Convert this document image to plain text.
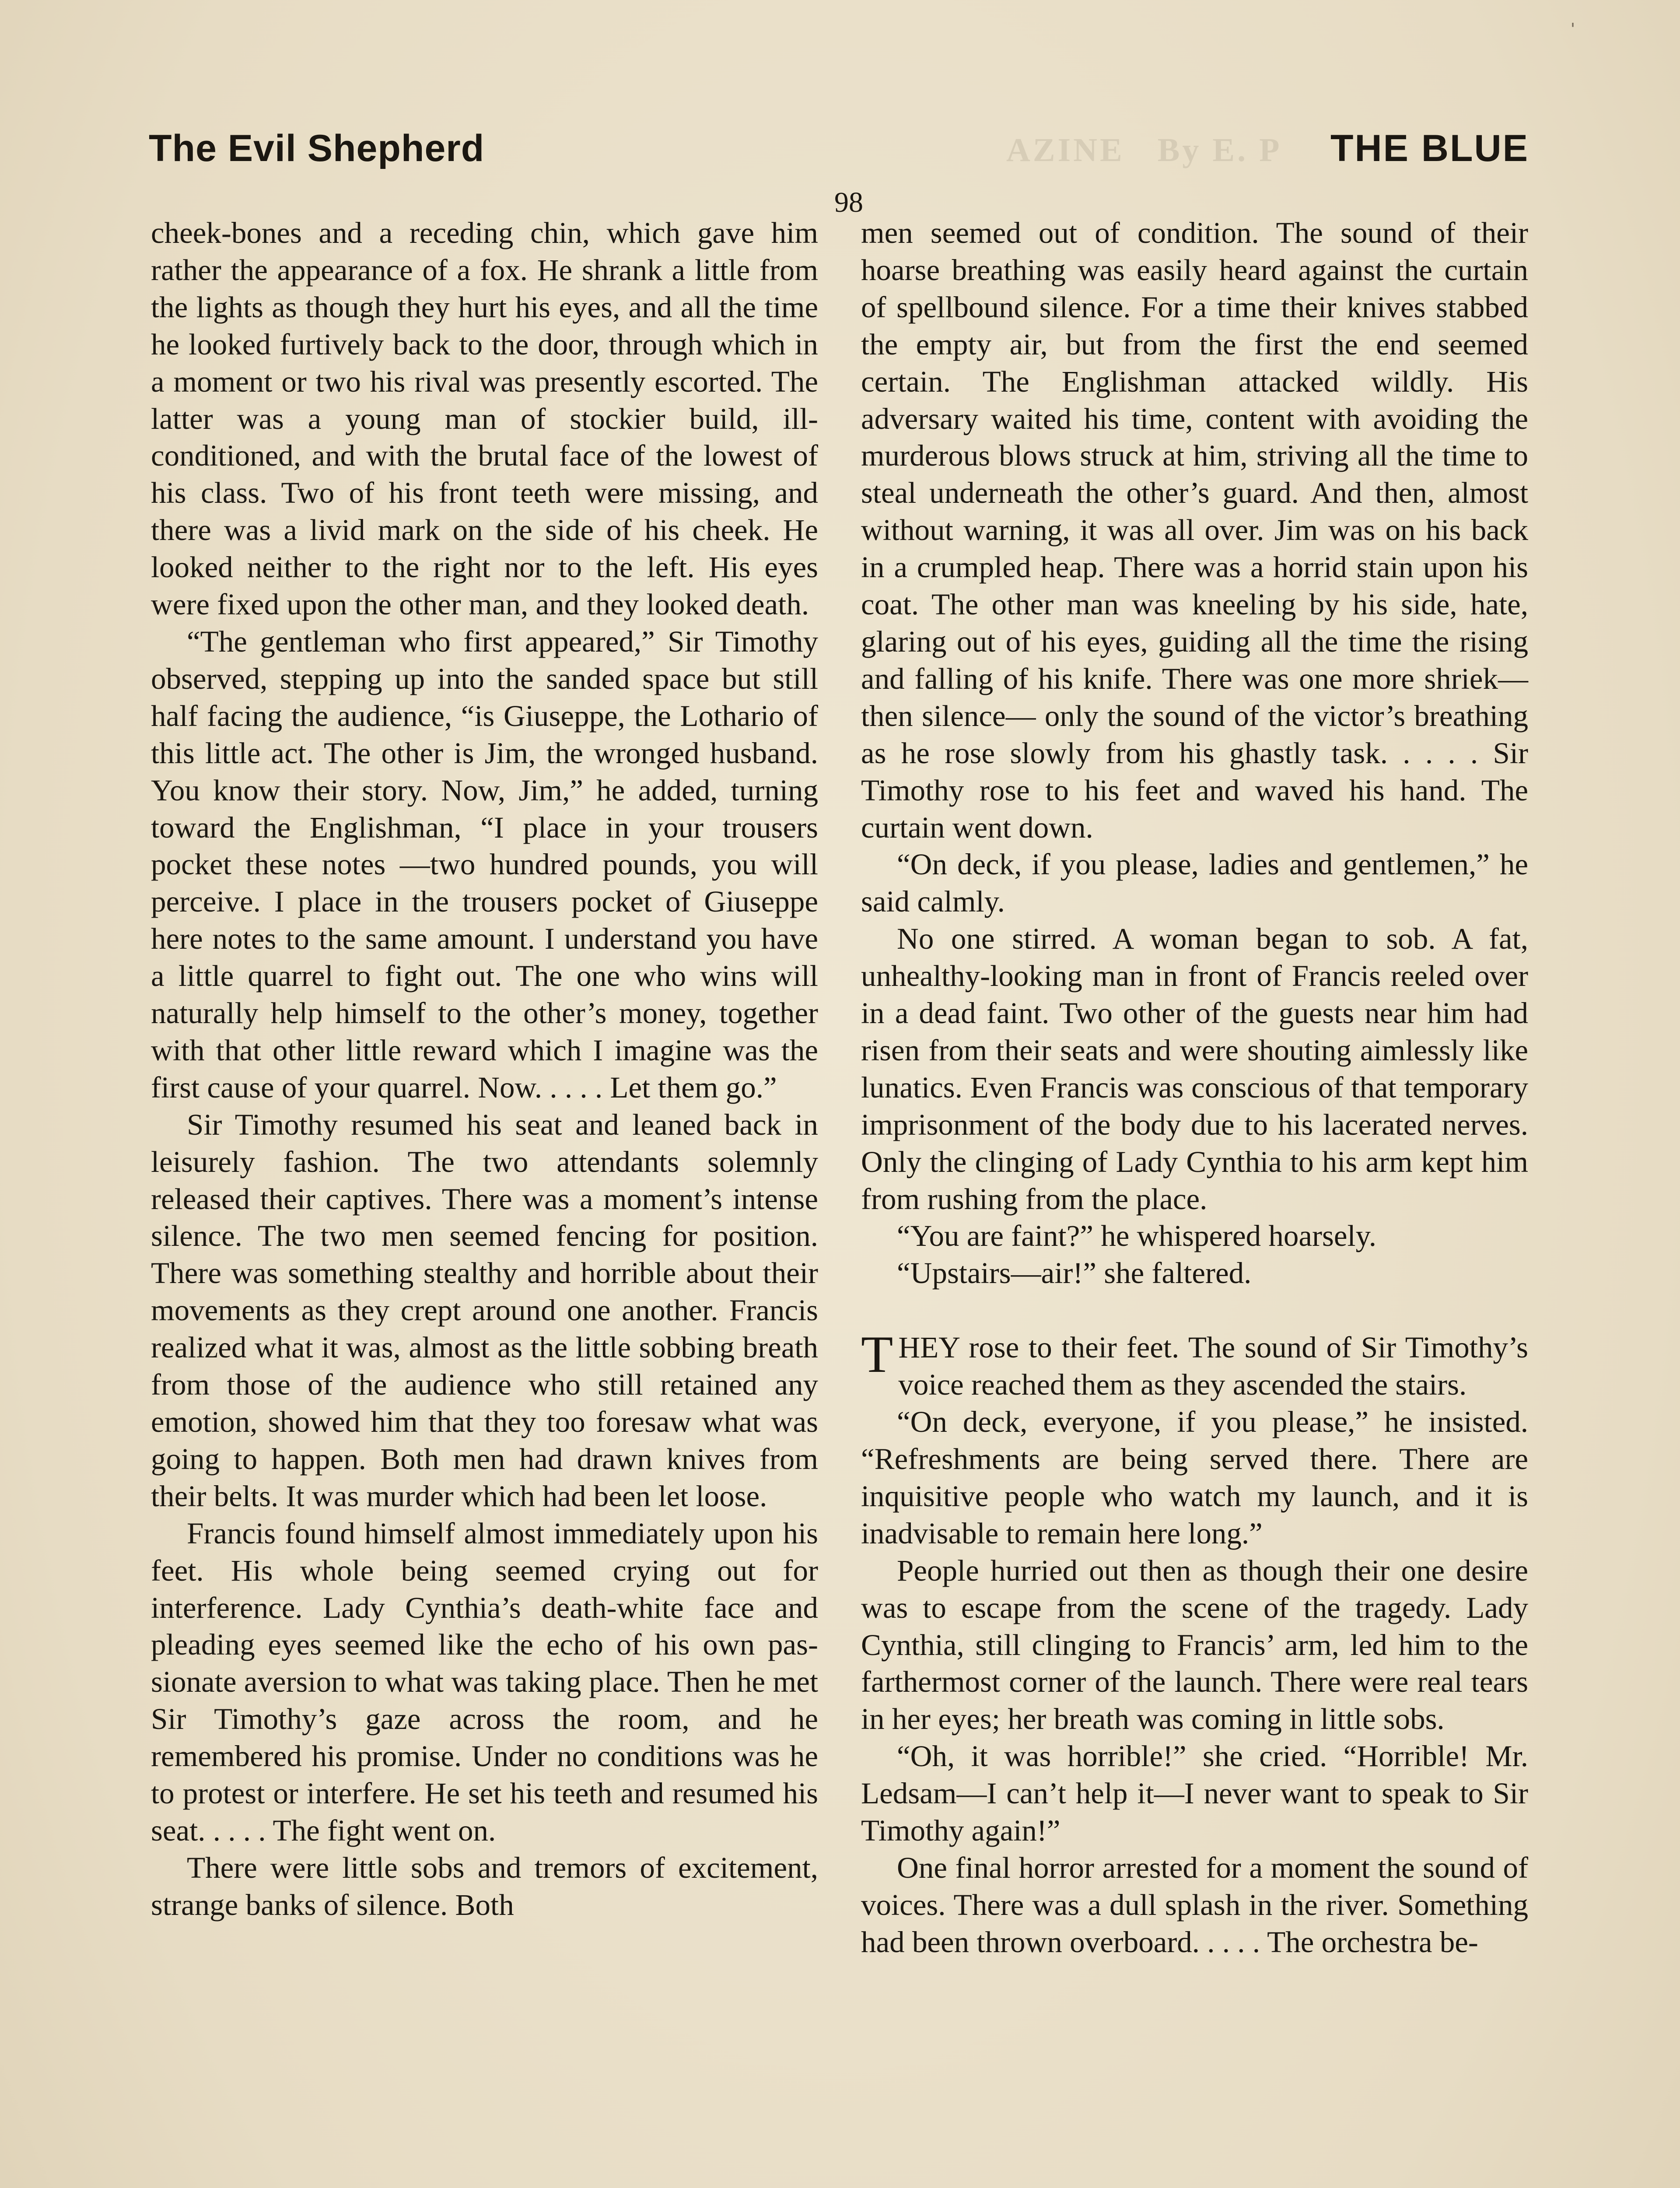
AZINE   By E. P
The Evil Shepherd	THE BLUE
98

cheek-bones and a receding chin, which gave him rather the appearance of a fox. He shrank a little from the lights as though they hurt his eyes, and all the time he looked furtively back to the door, through which in a moment or two his rival was presently escorted. The latter was a young man of stockier build, ill-conditioned, and with the brutal face of the lowest of his class. Two of his front teeth were missing, and there was a livid mark on the side of his cheek. He looked neither to the right nor to the left. His eyes were fixed upon the other man, and they looked death.

“The gentleman who first appeared,” Sir Timothy observed, stepping up into the sanded space but still half facing the audience, “is Giuseppe, the Lothario of this little act. The other is Jim, the wronged husband. You know their story. Now, Jim,” he added, turning toward the Englishman, “I place in your trousers pocket these notes —two hundred pounds, you will perceive. I place in the trousers pocket of Giuseppe here notes to the same amount. I understand you have a little quarrel to fight out. The one who wins will naturally help himself to the other’s money, together with that other little reward which I imagine was the first cause of your quarrel. Now. . . . . Let them go.”

Sir Timothy resumed his seat and leaned back in leisurely fashion. The two attendants solemnly released their captives. There was a moment’s intense silence. The two men seemed fencing for position. There was something stealthy and horrible about their movements as they crept around one another. Francis realized what it was, almost as the little sobbing breath from those of the audience who still retained any emotion, showed him that they too foresaw what was going to happen. Both men had drawn knives from their belts. It was murder which had been let loose.

Francis found himself almost immediately upon his feet. His whole being seemed crying out for interference. Lady Cynthia’s death-white face and pleading eyes seemed like the echo of his own passionate aversion to what was taking place. Then he met Sir Timothy’s gaze across the room, and he remembered his promise. Under no conditions was he to protest or interfere. He set his teeth and resumed his seat. . . . . The fight went on.

There were little sobs and tremors of excitement, strange banks of silence. Both

men seemed out of condition. The sound of their hoarse breathing was easily heard against the curtain of spellbound silence. For a time their knives stabbed the empty air, but from the first the end seemed certain. The Englishman attacked wildly. His adversary waited his time, content with avoiding the murderous blows struck at him, striving all the time to steal underneath the other’s guard. And then, almost without warning, it was all over. Jim was on his back in a crumpled heap. There was a horrid stain upon his coat. The other man was kneeling by his side, hate, glaring out of his eyes, guiding all the time the rising and falling of his knife. There was one more shriek—then silence— only the sound of the victor’s breathing as he rose slowly from his ghastly task. . . . . Sir Timothy rose to his feet and waved his hand. The curtain went down.

“On deck, if you please, ladies and gentlemen,” he said calmly.

No one stirred. A woman began to sob. A fat, unhealthy-looking man in front of Francis reeled over in a dead faint. Two other of the guests near him had risen from their seats and were shouting aimlessly like lunatics. Even Francis was conscious of that temporary imprisonment of the body due to his lacerated nerves. Only the clinging of Lady Cynthia to his arm kept him from rushing from the place.

“You are faint?” he whispered hoarsely.

“Upstairs—air!” she faltered.

THEY rose to their feet. The sound of Sir Timothy’s voice reached them as they ascended the stairs.

“On deck, everyone, if you please,” he insisted. “Refreshments are being served there. There are inquisitive people who watch my launch, and it is inadvisable to remain here long.”

People hurried out then as though their one desire was to escape from the scene of the tragedy. Lady Cynthia, still clinging to Francis’ arm, led him to the farthermost corner of the launch. There were real tears in her eyes; her breath was coming in little sobs.

“Oh, it was horrible!” she cried. “Horrible! Mr. Ledsam—I can’t help it—I never want to speak to Sir Timothy again!”

One final horror arrested for a moment the sound of voices. There was a dull splash in the river. Something had been thrown overboard. . . . . The orchestra be-

ˈ
